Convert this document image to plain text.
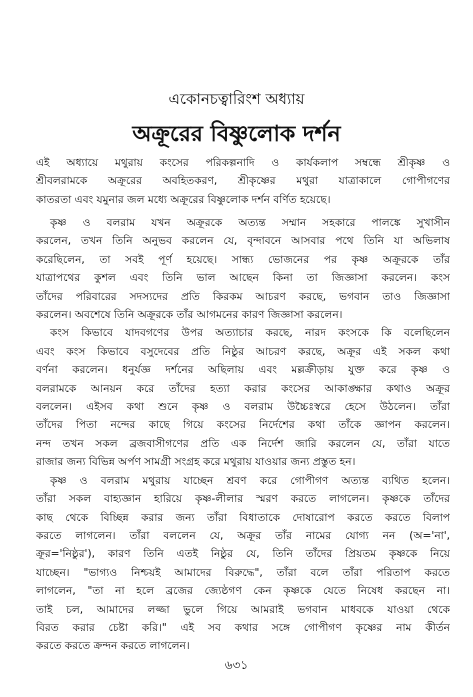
একোনচত্বারিংশ অধ্যায়
অক্রূরের বিষ্ণুলোক দর্শন
এই অধ্যায়ে মথুরায় কংসের পরিকল্পনাদি ও কার্যকলাপ সম্বন্ধে শ্রীকৃষ্ণ ও
শ্রীবলরামকে অক্রূরের অবহিতকরণ, শ্রীকৃষ্ণের মথুরা যাত্রাকালে গোপীগণের
কাতরতা এবং যমুনার জল মধ্যে অক্রূরের বিষ্ণুলোক দর্শন বর্ণিত হয়েছে।
কৃষ্ণ ও বলরাম যখন অক্রূরকে অত্যন্ত সম্মান সহকারে পালঙ্কে সুখাসীন
করলেন, তখন তিনি অনুভব করলেন যে, বৃন্দাবনে আসবার পথে তিনি যা অভিলাষ
করেছিলেন, তা সবই পূর্ণ হয়েছে। সান্ধ্য ভোজনের পর কৃষ্ণ অক্রূরকে তাঁর
যাত্রাপথের কুশল এবং তিনি ভাল আছেন কিনা তা জিজ্ঞাসা করলেন। কংস
তাঁদের পরিবারের সদস্যদের প্রতি কিরকম আচরণ করছে, ভগবান তাও জিজ্ঞাসা
করলেন। অবশেষে তিনি অক্রূরকে তাঁর আগমনের কারণ জিজ্ঞাসা করলেন।
কংস কিভাবে যাদবগণের উপর অত্যাচার করছে, নারদ কংসকে কি বলেছিলেন
এবং কংস কিভাবে বসুদেবের প্রতি নিষ্ঠুর আচরণ করছে, অক্রূর এই সকল কথা
বর্ণনা করলেন। ধনুর্যজ্ঞ দর্শনের অছিলায় এবং মল্লক্রীড়ায় যুক্ত করে কৃষ্ণ ও
বলরামকে আনয়ন করে তাঁদের হত্যা করার কংসের আকাঙ্ক্ষার কথাও অক্রূর
বললেন। এইসব কথা শুনে কৃষ্ণ ও বলরাম উচ্চৈঃস্বরে হেসে উঠলেন। তাঁরা
তাঁদের পিতা নন্দের কাছে গিয়ে কংসের নির্দেশের কথা তাঁকে জ্ঞাপন করলেন।
নন্দ তখন সকল ব্রজবাসীগণের প্রতি এক নির্দেশ জারি করলেন যে, তাঁরা যাতে
রাজার জন্য বিভিন্ন অর্পণ সামগ্রী সংগ্রহ করে মথুরায় যাওয়ার জন্য প্রস্তুত হন।
কৃষ্ণ ও বলরাম মথুরায় যাচ্ছেন শ্রবণ করে গোপীগণ অত্যন্ত ব্যথিত হলেন।
তাঁরা সকল বাহ্যজ্ঞান হারিয়ে কৃষ্ণ-লীলার স্মরণ করতে লাগলেন। কৃষ্ণকে তাঁদের
কাছ থেকে বিচ্ছিন্ন করার জন্য তাঁরা বিধাতাকে দোষারোপ করতে করতে বিলাপ
করতে লাগলেন। তাঁরা বললেন যে, অক্রূর তাঁর নামের যোগ্য নন (অ='না',
ক্রূর='নিষ্ঠুর'), কারণ তিনি এতই নিষ্ঠুর যে, তিনি তাঁদের প্রিয়তম কৃষ্ণকে নিয়ে
যাচ্ছেন। "ভাগ্যও নিশ্চয়ই আমাদের বিরুদ্ধে", তাঁরা বলে তাঁরা পরিতাপ করতে
লাগলেন, "তা না হলে ব্রজের জ্যেষ্ঠগণ কেন কৃষ্ণকে যেতে নিষেধ করছেন না।
তাই চল, আমাদের লজ্জা ভুলে গিয়ে আমরাই ভগবান মাধবকে যাওয়া থেকে
বিরত করার চেষ্টা করি।" এই সব কথার সঙ্গে গোপীগণ কৃষ্ণের নাম কীর্তন
করতে করতে ক্রন্দন করতে লাগলেন।
৬৩১
